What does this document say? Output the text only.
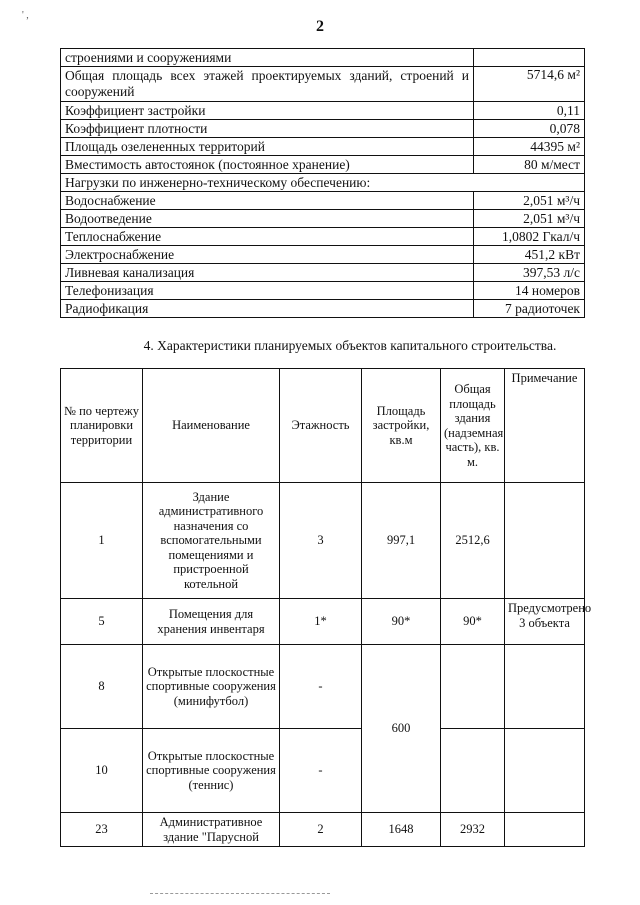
' ,
2
строениями и сооружениями	
Общая площадь всех этажей проектируемых зданий, строений и сооружений	5714,6 м²
Коэффициент застройки	0,11
Коэффициент плотности	0,078
Площадь озелененных территорий	44395 м²
Вместимость автостоянок (постоянное хранение)	80 м/мест
Нагрузки по инженерно-техническому обеспечению:	
Водоснабжение	2,051 м³/ч
Водоотведение	2,051 м³/ч
Теплоснабжение	1,0802 Гкал/ч
Электроснабжение	451,2 кВт
Ливневая канализация	397,53 л/с
Телефонизация	14 номеров
Радиофикация	7 радиоточек
4. Характеристики планируемых объектов капитального строительства.
№ по чертежу планировки территории	Наименование	Этажность	Площадь застройки, кв.м	Общая площадь здания (надземная часть), кв. м.	Примечание
1	Здание административного назначения со вспомогательными помещениями и пристроенной котельной	3	997,1	2512,6	
5	Помещения для хранения инвентаря	1*	90*	90*	Предусмотрено 3 объекта
8	Открытые плоскостные спортивные сооружения (минифутбол)	-	600		
10	Открытые плоскостные спортивные сооружения (теннис)	-			
23	Административное здание "Парусной	2	1648	2932	
